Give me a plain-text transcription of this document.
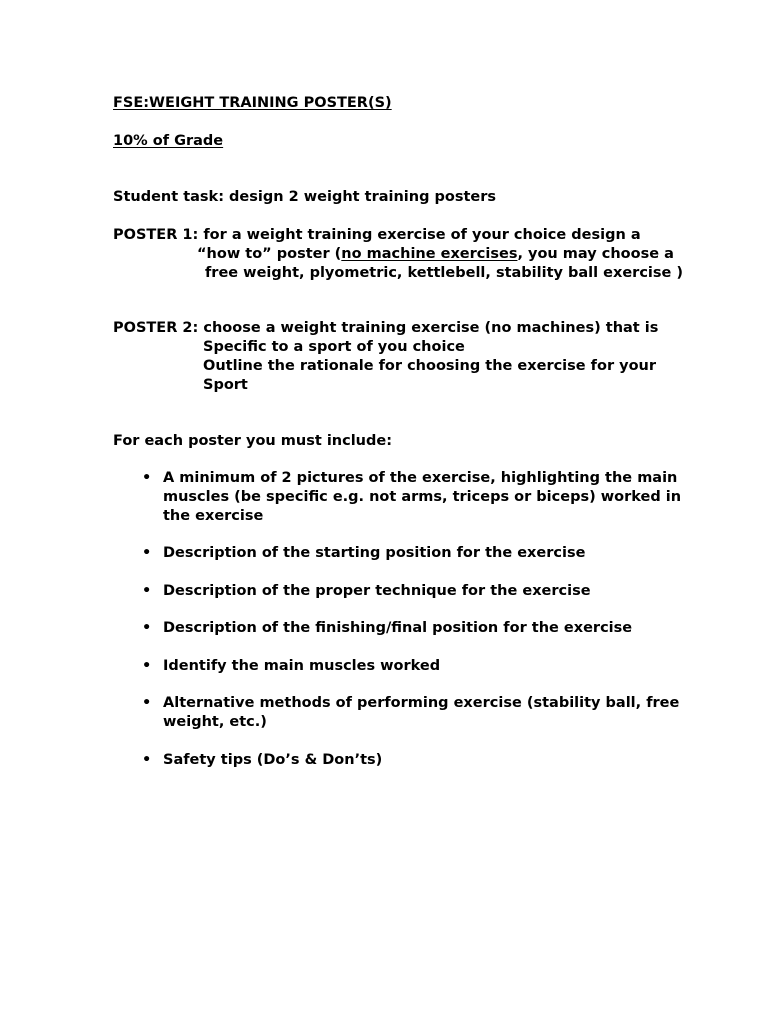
FSE:WEIGHT TRAINING POSTER(S)
10% of Grade
Student task: design 2 weight training posters
POSTER 1: for a weight training exercise of your choice design a
“how to” poster (no machine exercises, you may choose a
free weight, plyometric, kettlebell, stability ball exercise )
POSTER 2: choose a weight training exercise (no machines) that is
Specific to a sport of you choice
Outline the rationale for choosing the exercise for your
Sport
For each poster you must include:
• A minimum of 2 pictures of the exercise, highlighting the main
muscles (be specific e.g. not arms, triceps or biceps) worked in
the exercise
• Description of the starting position for the exercise
• Description of the proper technique for the exercise
• Description of the finishing/final position for the exercise
• Identify the main muscles worked
• Alternative methods of performing exercise (stability ball, free
weight, etc.)
• Safety tips (Do’s & Don’ts)
